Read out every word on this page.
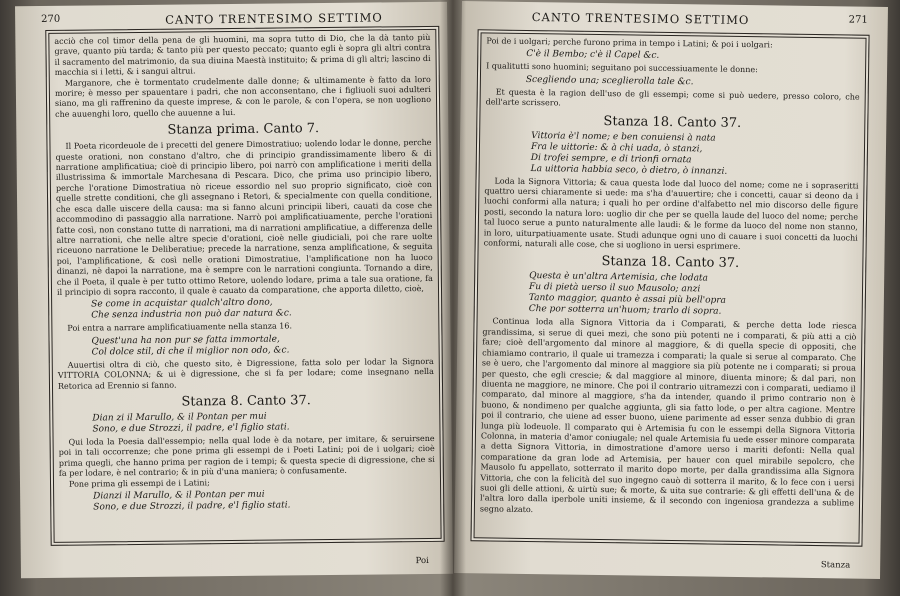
270	CANTO TRENTESIMO SETTIMO

acciò che col timor della pena de gli huomini, ma sopra tutto di Dio, che la dà tanto più grave, quanto più tarda; & tanto più per questo peccato; quanto egli è sopra gli altri contra il sacramento del matrimonio, da sua diuina Maestà instituito; & prima di gli altri; lascino di macchia si i letti, & i sangui altrui.

Marganore, che è tormentato crudelmente dalle donne; & ultimamente è fatto da loro morire; è messo per spauentare i padri, che non acconsentano, che i figliuoli suoi adulteri siano, ma gli raffrenino da queste imprese, & con le parole, & con l'opera, se non uogliono che auuenghi loro, quello che auuenne a lui.

Stanza prima. Canto 7.

Il Poeta ricordeuole de i precetti del genere Dimostratiuo; uolendo lodar le donne, perche queste orationi, non constano d'altro, che di principio grandissimamente libero & di narratione amplificatiua; cioè di principio libero, poi narrò con amplificatione i meriti della illustrissima & immortale Marchesana di Pescara. Dico, che prima uso principio libero, perche l'oratione Dimostratiua nò riceue essordio nel suo proprio significato, cioè con quelle strette conditioni, che gli assegnano i Retori, & specialmente con quella conditione, che esca dalle uiscere della causa: ma si fanno alcuni principii liberi, cauati da cose che accommodino di passaggio alla narratione. Narrò poi amplificatiuamente, perche l'orationi fatte così, non constano tutte di narrationi, ma di narrationi amplificatiue, a differenza delle altre narrationi, che nelle altre specie d'orationi, cioè nelle giudiciali, poi che rare uolte riceuono narratione le Deliberatiue; precede la narratione, senza amplificatione, & seguita poi, l'amplificatione, & così nelle orationi Dimostratiue, l'amplificatione non ha luoco dinanzi, nè dapoi la narratione, ma è sempre con le narrationi congiunta. Tornando a dire, che il Poeta, il quale è per tutto ottimo Retore, uolendo lodare, prima a tale sua oratione, fa il principio di sopra racconto, il quale è cauato da comparatione, che apporta diletto, cioè,

Se come in acquistar qualch'altro dono,
Che senza industria non può dar natura &c.

Poi entra a narrare amplificatiuamente nella stanza 16.

Quest'una ha non pur se fatta immortale,
Col dolce stil, di che il miglior non odo, &c.

Auuertisi oltra di ciò, che questo sito, è Digressione, fatta solo per lodar la Signora VITTORIA COLONNA; & ui è digressione, che si fa per lodare; come insegnano nella Retorica ad Erennio si fanno.

Stanza 8. Canto 37.
Dian zi il Marullo, & il Pontan per mui
Sono, e due Strozzi, il padre, e'l figlio stati.

Qui loda la Poesia dall'essempio; nella qual lode è da notare, per imitare, & seruirsene poi in tali occorrenze; che pone prima gli essempi de i Poeti Latini; poi de i uolgari; cioè prima quegli, che hanno prima per ragion de i tempi; & questa specie di digressione, che si fa per lodare, è nel contrario; & in più d'una maniera; ò confusamente.

Pone prima gli essempi de i Latini;

Dianzi il Marullo, & il Pontan per mui
Sono, e due Strozzi, il padre, e'l figlio stati.
Poi
CANTO TRENTESIMO SETTIMO	271

Poi de i uolgari; perche furono prima in tempo i Latini; & poi i uolgari:

C'è il Bembo; c'è il Capel &c.

I qualitutti sono huomini; seguitano poi successiuamente le donne:

Scegliendo una; sceglierolla tale &c.

Et questa è la ragion dell'uso de gli essempi; come si può uedere, presso coloro, che dell'arte scrissero.

Stanza 18. Canto 37.
Vittoria è'l nome; e ben conuiensi à nata
Fra le uittorie: & à chi uada, ò stanzi,
Di trofei sempre, e di trionfi ornata
La uittoria habbia seco, ò dietro, ò innanzi.

Loda la Signora Vittoria; & caua questa lode dal luoco del nome; come ne i sopraseritti quattro uersi chiaramente si uede: ma s'ha d'auuertire; che i concetti, cauar si deono da i luochi conformi alla natura; i quali ho per ordine d'alfabetto nel mio discorso delle figure posti, secondo la natura loro: uoglio dir che per se quella laude del luoco del nome; perche tal luoco serue a punto naturalmente alle laudi: & le forme da luoco del nome non stanno, in loro, uiturpatiuamente usate. Studi adunque ogni uno di cauare i suoi concetti da luochi conformi, naturali alle cose, che si uogliono in uersi esprimere.

Stanza 18. Canto 37.
Questa è un'altra Artemisia, che lodata
Fu di pietà uerso il suo Mausolo; anzi
Tanto maggior, quanto è assai più bell'opra
Che por sotterra un'huom; trarlo di sopra.

Continua loda alla Signora Vittoria da i Comparati, & perche detta lode riesca grandissima, si serue di quei mezi, che sono più potenti ne i comparati, & più atti a ciò fare; cioè dell'argomento dal minore al maggiore, & di quella specie di oppositi, che chiamiamo contrario, il quale ui tramezza i comparati; la quale si serue al comparato. Che se è uero, che l'argomento dal minore al maggiore sia più potente ne i comparati; si proua per questo, che egli crescie; & dal maggiore al minore, diuenta minore; & dal pari, non diuenta ne maggiore, ne minore. Che poi il contrario uitramezzi con i comparati, uediamo il comparato, dal minore al maggiore, s'ha da intender, quando il primo contrario non è buono, & nondimeno per qualche aggiunta, gli sia fatto lode, o per altra cagione. Mentre poi il contrario, che uiene ad esser buono, uiene parimente ad esser senza dubbio di gran lunga più lodeuole. Il comparato qui è Artemisia fu con le essempi della Signora Vittoria Colonna, in materia d'amor coniugale; nel quale Artemisia fu uede esser minore comparata a detta Signora Vittoria, in dimostratione d'amore uerso i mariti defonti: Nella qual comparatione da gran lode ad Artemisia, per hauer con quel mirabile sepolcro, che Mausolo fu appellato, sotterrato il marito dopo morte, per dalla grandissima alla Signora Vittoria, che con la felicità del suo ingegno cauò di sotterra il marito, & lo fece con i uersi suoi gli delle attioni, & uirtù sue; & morte, & uita sue contrarie: & gli effetti dell'una & de l'altra loro dalla iperbole uniti insieme, & il secondo con ingeniosa grandezza a sublime segno alzato.

Stanza
